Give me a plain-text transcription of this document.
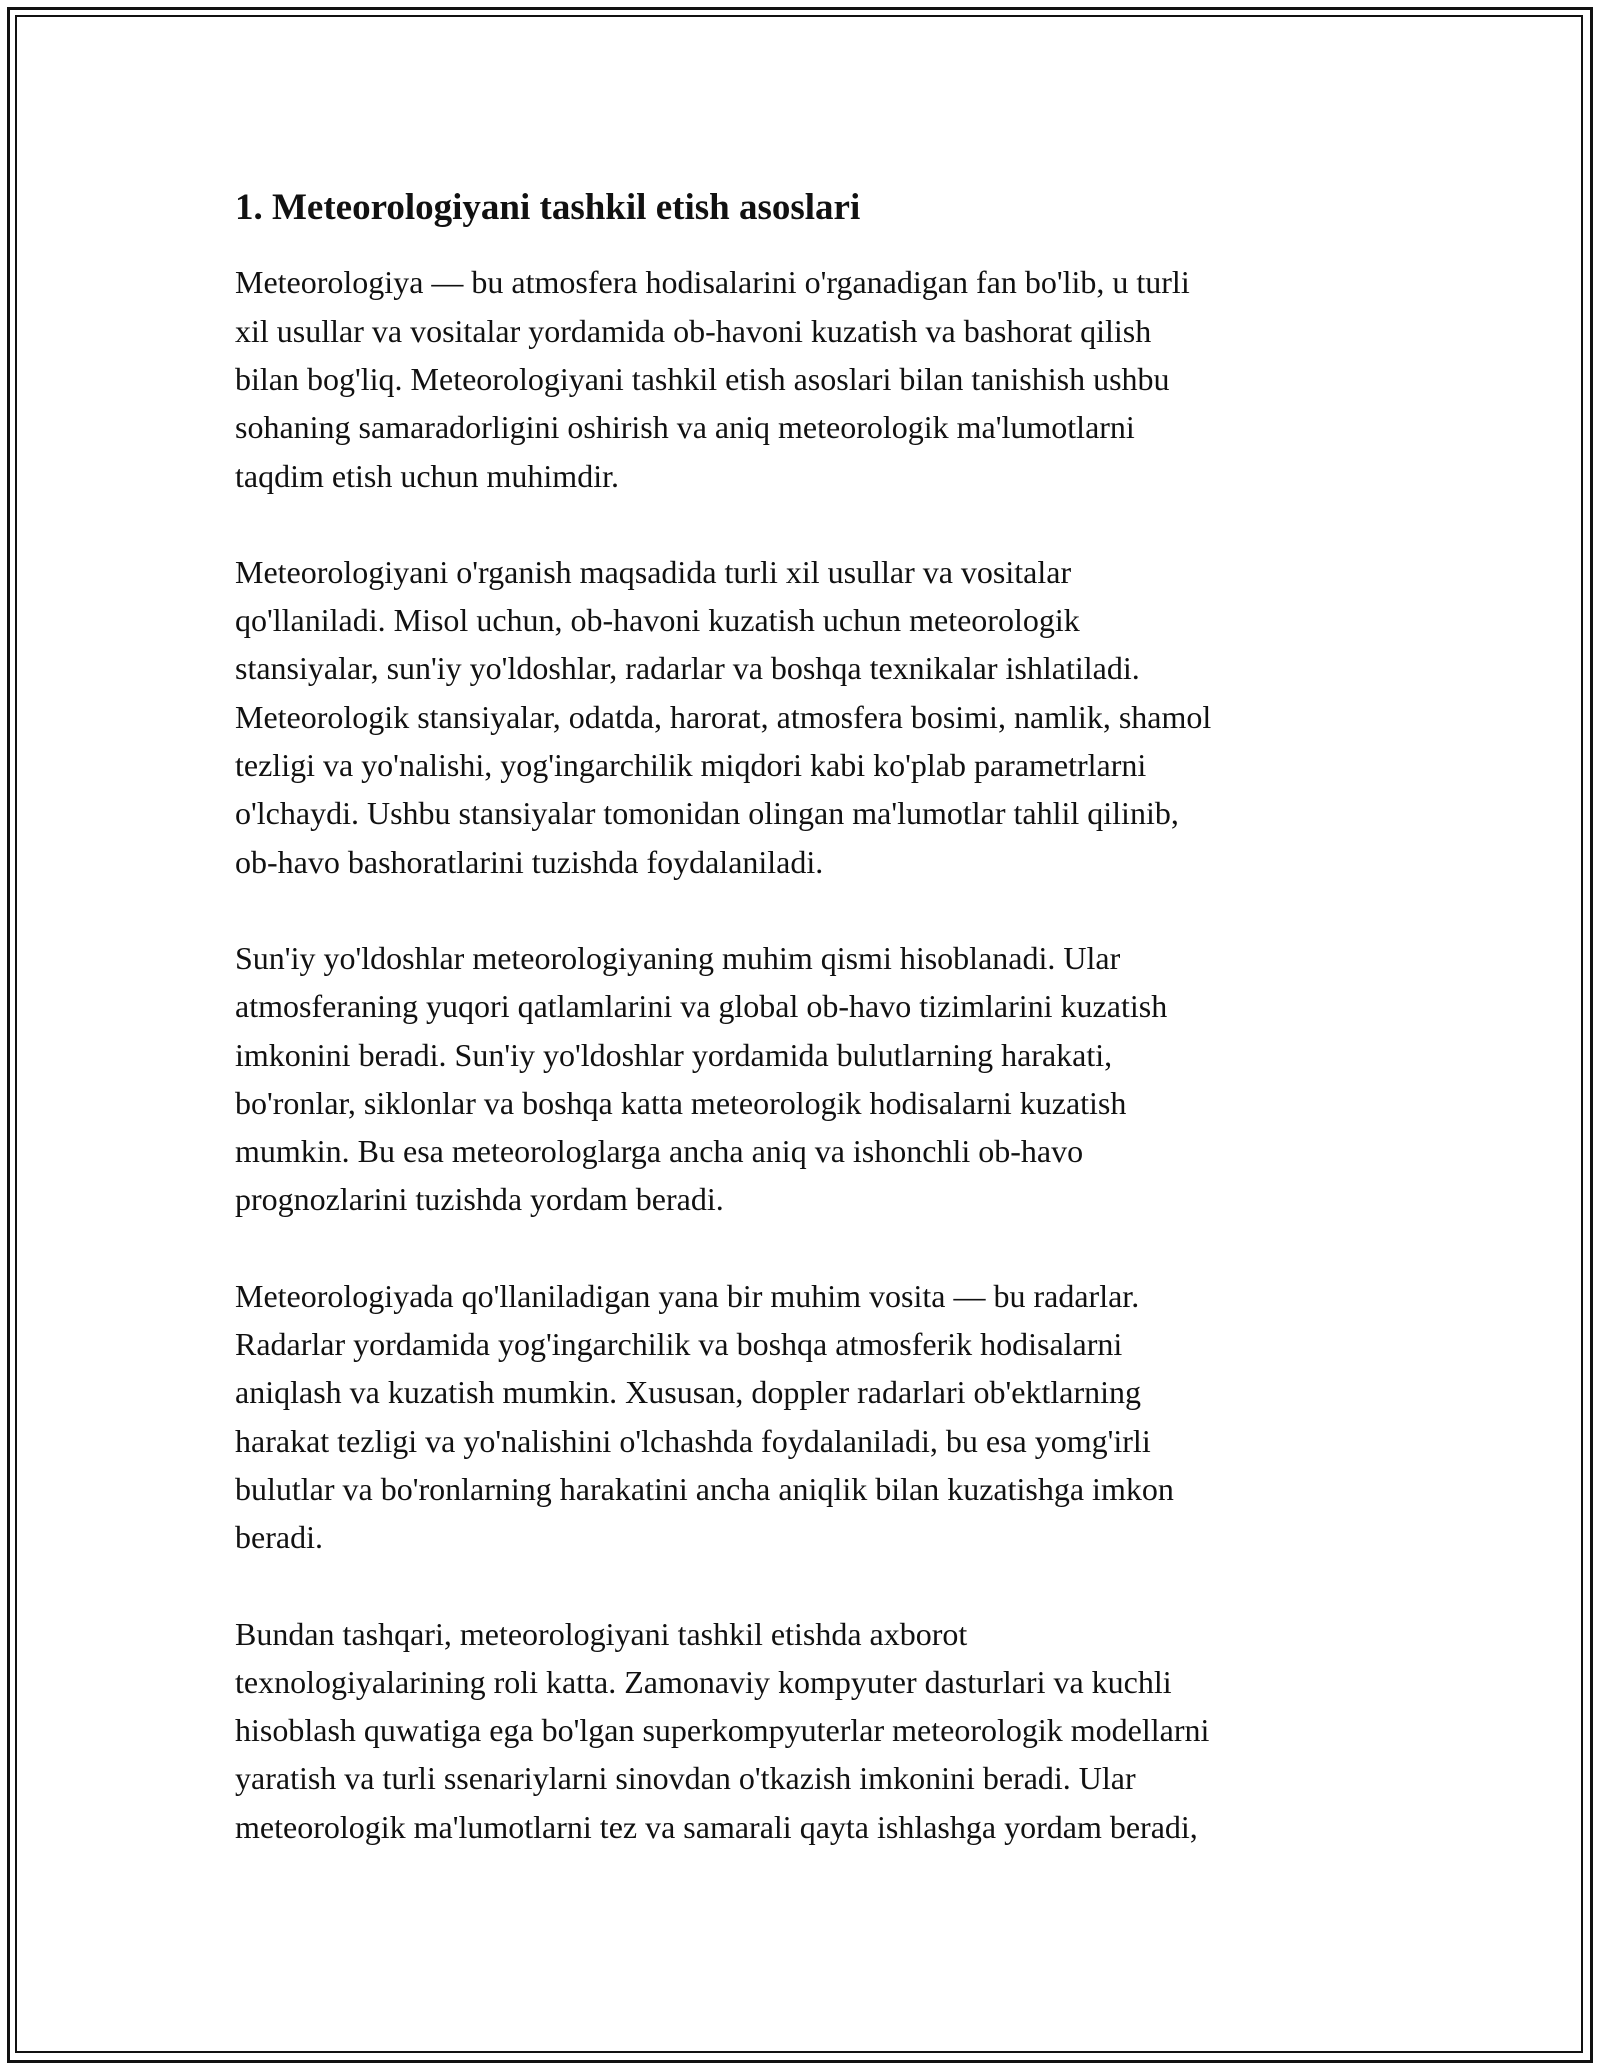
1. Meteorologiyani tashkil etish asoslari
Meteorologiya — bu atmosfera hodisalarini o'rganadigan fan bo'lib, u turli
xil usullar va vositalar yordamida ob-havoni kuzatish va bashorat qilish
bilan bog'liq. Meteorologiyani tashkil etish asoslari bilan tanishish ushbu
sohaning samaradorligini oshirish va aniq meteorologik ma'lumotlarni
taqdim etish uchun muhimdir.
Meteorologiyani o'rganish maqsadida turli xil usullar va vositalar
qo'llaniladi. Misol uchun, ob-havoni kuzatish uchun meteorologik
stansiyalar, sun'iy yo'ldoshlar, radarlar va boshqa texnikalar ishlatiladi.
Meteorologik stansiyalar, odatda, harorat, atmosfera bosimi, namlik, shamol
tezligi va yo'nalishi, yog'ingarchilik miqdori kabi ko'plab parametrlarni
o'lchaydi. Ushbu stansiyalar tomonidan olingan ma'lumotlar tahlil qilinib,
ob-havo bashoratlarini tuzishda foydalaniladi.
Sun'iy yo'ldoshlar meteorologiyaning muhim qismi hisoblanadi. Ular
atmosferaning yuqori qatlamlarini va global ob-havo tizimlarini kuzatish
imkonini beradi. Sun'iy yo'ldoshlar yordamida bulutlarning harakati,
bo'ronlar, siklonlar va boshqa katta meteorologik hodisalarni kuzatish
mumkin. Bu esa meteorologlarga ancha aniq va ishonchli ob-havo
prognozlarini tuzishda yordam beradi.
Meteorologiyada qo'llaniladigan yana bir muhim vosita — bu radarlar.
Radarlar yordamida yog'ingarchilik va boshqa atmosferik hodisalarni
aniqlash va kuzatish mumkin. Xususan, doppler radarlari ob'ektlarning
harakat tezligi va yo'nalishini o'lchashda foydalaniladi, bu esa yomg'irli
bulutlar va bo'ronlarning harakatini ancha aniqlik bilan kuzatishga imkon
beradi.
Bundan tashqari, meteorologiyani tashkil etishda axborot
texnologiyalarining roli katta. Zamonaviy kompyuter dasturlari va kuchli
hisoblash quwatiga ega bo'lgan superkompyuterlar meteorologik modellarni
yaratish va turli ssenariylarni sinovdan o'tkazish imkonini beradi. Ular
meteorologik ma'lumotlarni tez va samarali qayta ishlashga yordam beradi,
